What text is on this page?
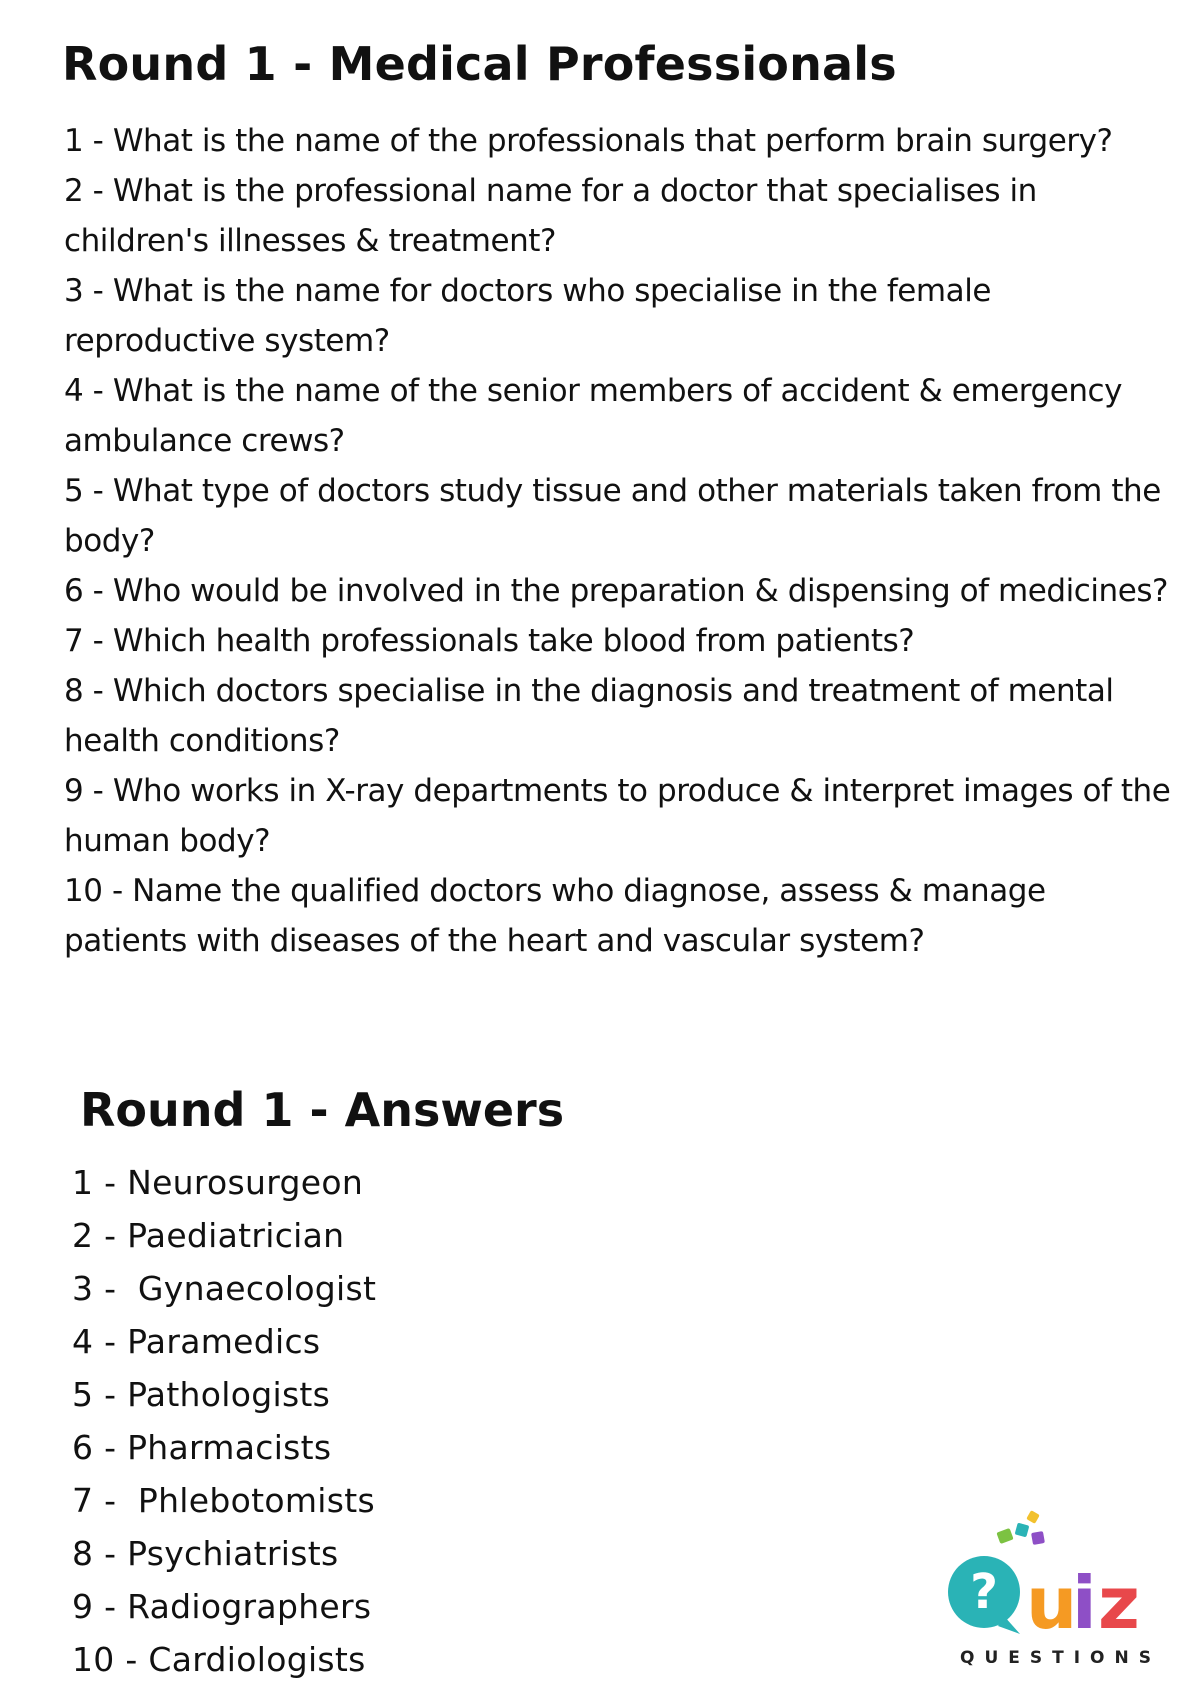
Round 1 - Medical Professionals
1 - What is the name of the professionals that perform brain surgery?
2 - What is the professional name for a doctor that specialises in children's illnesses & treatment?
3 - What is the name for doctors who specialise in the female reproductive system?
4 - What is the name of the senior members of accident & emergency ambulance crews?
5 - What type of doctors study tissue and other materials taken from the body?
6 - Who would be involved in the preparation & dispensing of medicines?
7 - Which health professionals take blood from patients?
8 - Which doctors specialise in the diagnosis and treatment of mental health conditions?
9 - Who works in X-ray departments to produce & interpret images of the human body?
10 - Name the qualified doctors who diagnose, assess & manage patients with diseases of the heart and vascular system?
Round 1 - Answers
1 - Neurosurgeon
2 - Paediatrician
3 -  Gynaecologist
4 - Paramedics
5 - Pathologists
6 - Pharmacists
7 -  Phlebotomists
8 - Psychiatrists
9 - Radiographers
10 - Cardiologists
? u
i z
QUESTIONS
